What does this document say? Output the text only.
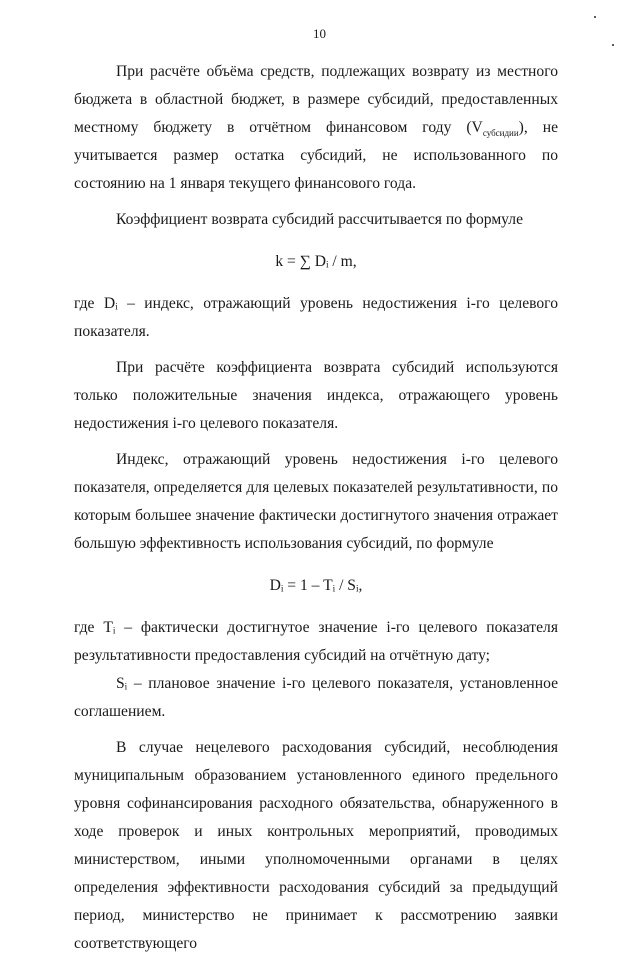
10

При расчёте объёма средств, подлежащих возврату из местного бюджета в областной бюджет, в размере субсидий, предоставленных местному бюджету в отчётном финансовом году $(V_{субсидии})$, не учитывается размер остатка субсидий, не использованного по состоянию на 1 января текущего финансового года.

Коэффициент возврата субсидий рассчитывается по формуле

k = ∑ Dᵢ / m,

где Dᵢ – индекс, отражающий уровень недостижения i-го целевого показателя.

При расчёте коэффициента возврата субсидий используются только положительные значения индекса, отражающего уровень недостижения i-го целевого показателя.

Индекс, отражающий уровень недостижения i-го целевого показателя, определяется для целевых показателей результативности, по которым большее значение фактически достигнутого значения отражает большую эффективность использования субсидий, по формуле

Dᵢ = 1 – Tᵢ / Sᵢ,

где Tᵢ – фактически достигнутое значение i-го целевого показателя результативности предоставления субсидий на отчётную дату;

Sᵢ – плановое значение i-го целевого показателя, установленное соглашением.

В случае нецелевого расходования субсидий, несоблюдения муниципальным образованием установленного единого предельного уровня софинансирования расходного обязательства, обнаруженного в ходе проверок и иных контрольных мероприятий, проводимых министерством, иными уполномоченными органами в целях определения эффективности расходования субсидий за предыдущий период, министерство не принимает к рассмотрению заявки соответствующего
